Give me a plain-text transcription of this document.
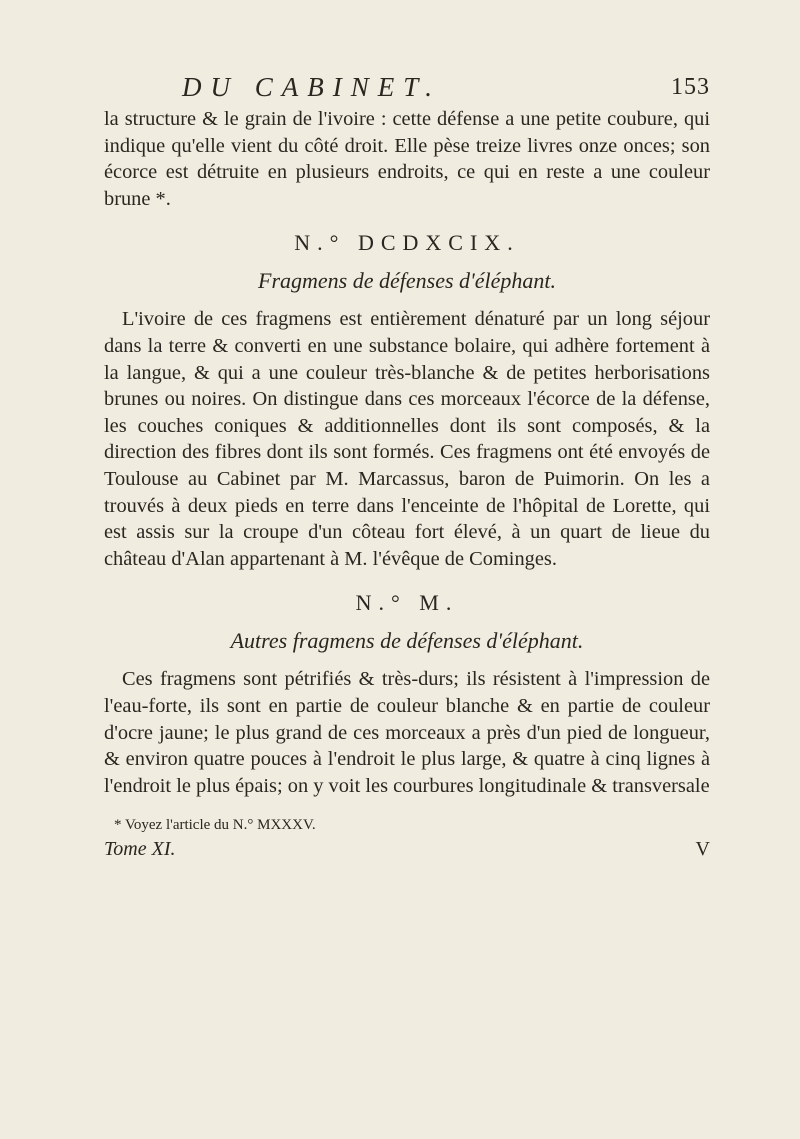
DU CABINET.	153

la structure & le grain de l'ivoire : cette défense a une petite coubure, qui indique qu'elle vient du côté droit. Elle pèse treize livres onze onces; son écorce est détruite en plusieurs endroits, ce qui en reste a une couleur brune *.

N.° DCDXCIX.
Fragmens de défenses d'éléphant.

L'ivoire de ces fragmens est entièrement dénaturé par un long séjour dans la terre & converti en une substance bolaire, qui adhère fortement à la langue, & qui a une couleur très-blanche & de petites herborisations brunes ou noires. On distingue dans ces morceaux l'écorce de la défense, les couches coniques & additionnelles dont ils sont composés, & la direction des fibres dont ils sont formés. Ces fragmens ont été envoyés de Toulouse au Cabinet par M. Marcassus, baron de Puimorin. On les a trouvés à deux pieds en terre dans l'enceinte de l'hôpital de Lorette, qui est assis sur la croupe d'un côteau fort élevé, à un quart de lieue du château d'Alan appartenant à M. l'évêque de Cominges.

N.° M.
Autres fragmens de défenses d'éléphant.

Ces fragmens sont pétrifiés & très-durs; ils résistent à l'impression de l'eau-forte, ils sont en partie de couleur blanche & en partie de couleur d'ocre jaune; le plus grand de ces morceaux a près d'un pied de longueur, & environ quatre pouces à l'endroit le plus large, & quatre à cinq lignes à l'endroit le plus épais; on y voit les courbures longitudinale & transversale

* Voyez l'article du N.° MXXXV.
Tome XI.	V
